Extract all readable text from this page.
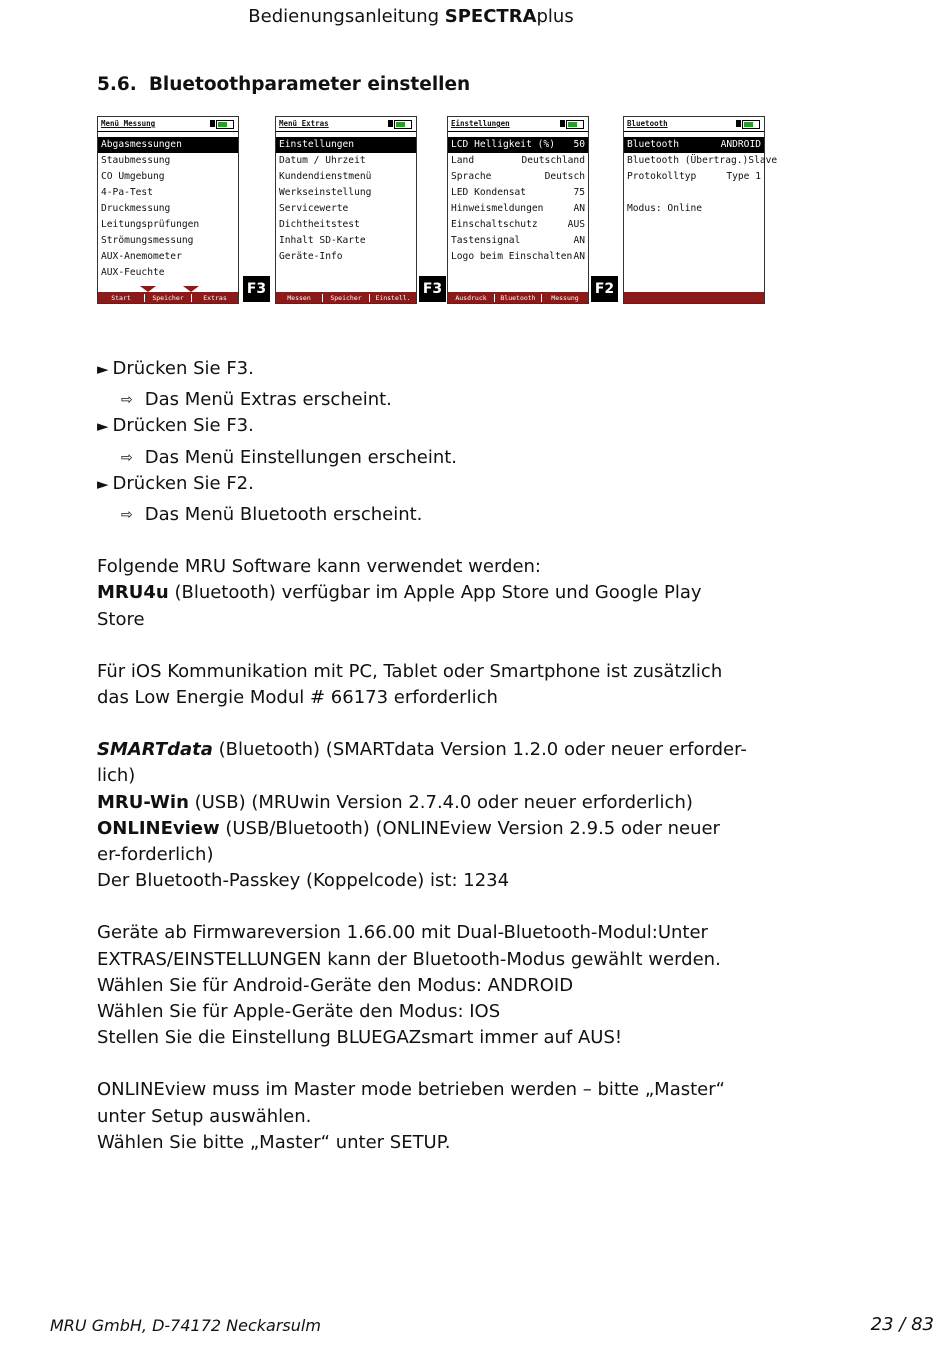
Bedienungsanleitung SPECTRAplus
5.6. Bluetoothparameter einstellen
Menü Messung
Abgasmessungen
Staubmessung
CO Umgebung
4-Pa-Test
Druckmessung
Leitungsprüfungen
Strömungsmessung
AUX-Anemometer
AUX-Feuchte
Start	Speicher	Extras
F3
Menü Extras
Einstellungen
Datum / Uhrzeit
Kundendienstmenü
Werkseinstellung
Servicewerte
Dichtheitstest
Inhalt SD-Karte
Geräte-Info
Messen	Speicher	Einstell.
F3
Einstellungen
LCD Helligkeit (%) 50
Land	Deutschland
Sprache	Deutsch
LED Kondensat	75
Hinweismeldungen	AN
Einschaltschutz	AUS
Tastensignal	AN
Logo beim Einschalten AN
Ausdruck	Bluetooth	Messung
F2
Bluetooth
Bluetooth	ANDROID
Bluetooth (Übertrag.) Slave
Protokolltyp	Type 1
Modus: Online
► Drücken Sie F3.
⇨ Das Menü Extras erscheint.
► Drücken Sie F3.
⇨ Das Menü Einstellungen erscheint.
► Drücken Sie F2.
⇨ Das Menü Bluetooth erscheint.
Folgende MRU Software kann verwendet werden:
MRU4u (Bluetooth) verfügbar im Apple App Store und Google Play Store
Für iOS Kommunikation mit PC, Tablet oder Smartphone ist zusätzlich das Low Energie Modul # 66173 erforderlich
SMARTdata (Bluetooth) (SMARTdata Version 1.2.0 oder neuer erforder-lich)
MRU-Win (USB) (MRUwin Version 2.7.4.0 oder neuer erforderlich)
ONLINEview (USB/Bluetooth) (ONLINEview Version 2.9.5 oder neuer er-forderlich)
Der Bluetooth-Passkey (Koppelcode) ist: 1234
Geräte ab Firmwareversion 1.66.00 mit Dual-Bluetooth-Modul:Unter EXTRAS/EINSTELLUNGEN kann der Bluetooth-Modus gewählt werden.
Wählen Sie für Android-Geräte den Modus: ANDROID
Wählen Sie für Apple-Geräte den Modus: IOS
Stellen Sie die Einstellung BLUEGAZsmart immer auf AUS!
ONLINEview muss im Master mode betrieben werden – bitte „Master“ unter Setup auswählen.
Wählen Sie bitte „Master“ unter SETUP.
MRU GmbH, D-74172 Neckarsulm	23 / 83
